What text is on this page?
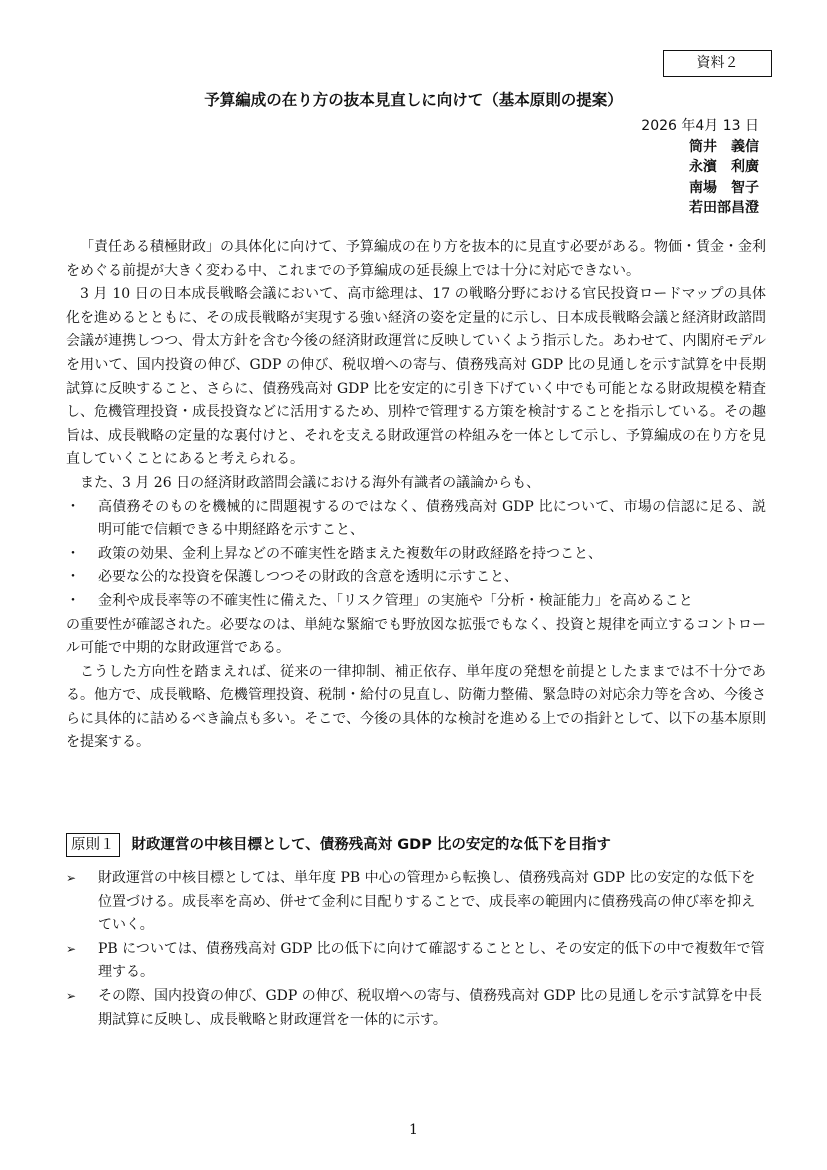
資料２
予算編成の在り方の抜本見直しに向けて（基本原則の提案）
2026 年4月 13 日
筒井　義信
永濱　利廣
南場　智子
若田部昌澄

「責任ある積極財政」の具体化に向けて、予算編成の在り方を抜本的に見直す必要がある。物価・賃金・金利をめぐる前提が大きく変わる中、これまでの予算編成の延長線上では十分に対応できない。

3 月 10 日の日本成長戦略会議において、高市総理は、17 の戦略分野における官民投資ロードマップの具体化を進めるとともに、その成長戦略が実現する強い経済の姿を定量的に示し、日本成長戦略会議と経済財政諮問会議が連携しつつ、骨太方針を含む今後の経済財政運営に反映していくよう指示した。あわせて、内閣府モデルを用いて、国内投資の伸び、GDP の伸び、税収増への寄与、債務残高対 GDP 比の見通しを示す試算を中長期試算に反映すること、さらに、債務残高対 GDP 比を安定的に引き下げていく中でも可能となる財政規模を精査し、危機管理投資・成長投資などに活用するため、別枠で管理する方策を検討することを指示している。その趣旨は、成長戦略の定量的な裏付けと、それを支える財政運営の枠組みを一体として示し、予算編成の在り方を見直していくことにあると考えられる。

また、3 月 26 日の経済財政諮問会議における海外有識者の議論からも、

・ 高債務そのものを機械的に問題視するのではなく、債務残高対 GDP 比について、市場の信認に足る、説明可能で信頼できる中期経路を示すこと、
・ 政策の効果、金利上昇などの不確実性を踏まえた複数年の財政経路を持つこと、
・ 必要な公的な投資を保護しつつその財政的含意を透明に示すこと、
・ 金利や成長率等の不確実性に備えた、「リスク管理」の実施や「分析・検証能力」を高めること

の重要性が確認された。必要なのは、単純な緊縮でも野放図な拡張でもなく、投資と規律を両立するコントロール可能で中期的な財政運営である。

こうした方向性を踏まえれば、従来の一律抑制、補正依存、単年度の発想を前提としたままでは不十分である。他方で、成長戦略、危機管理投資、税制・給付の見直し、防衛力整備、緊急時の対応余力等を含め、今後さらに具体的に詰めるべき論点も多い。そこで、今後の具体的な検討を進める上での指針として、以下の基本原則を提案する。

原則１ 財政運営の中核目標として、債務残高対 GDP 比の安定的な低下を目指す
➢ 財政運営の中核目標としては、単年度 PB 中心の管理から転換し、債務残高対 GDP 比の安定的な低下を位置づける。成長率を高め、併せて金利に目配りすることで、成長率の範囲内に債務残高の伸び率を抑えていく。
➢ PB については、債務残高対 GDP 比の低下に向けて確認することとし、その安定的低下の中で複数年で管理する。
➢ その際、国内投資の伸び、GDP の伸び、税収増への寄与、債務残高対 GDP 比の見通しを示す試算を中長期試算に反映し、成長戦略と財政運営を一体的に示す。
1
